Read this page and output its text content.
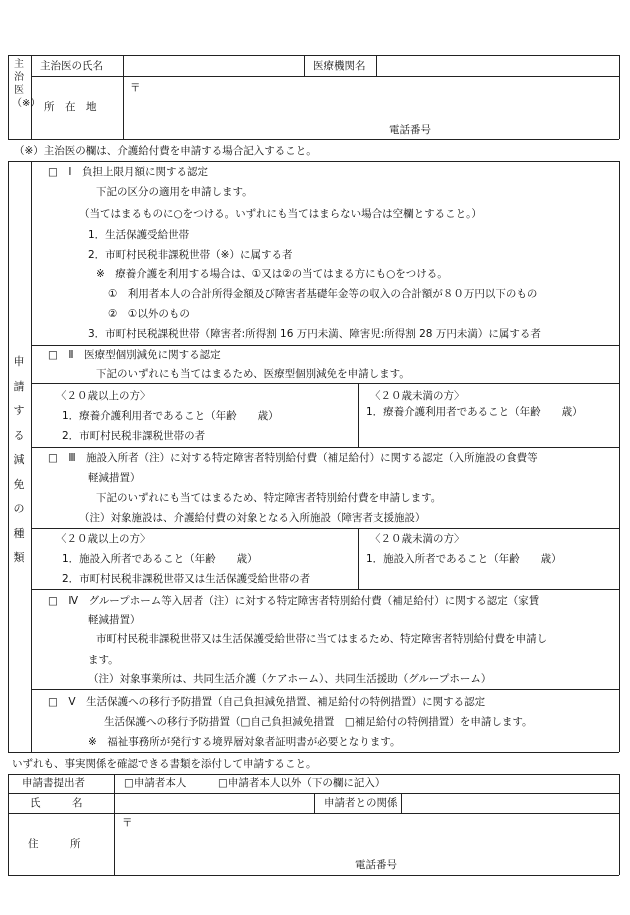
主治医（※）
主治医の氏名	医療機関名
所　在　地
〒
電話番号
（※）主治医の欄は、介護給付費を申請する場合記入すること。
申請する減免の種類
□　Ⅰ　負担上限月額に関する認定
下記の区分の適用を申請します。
（当てはまるものに○をつける。いずれにも当てはまらない場合は空欄とすること。）
1．生活保護受給世帯
2．市町村民税非課税世帯（※）に属する者
※　療養介護を利用する場合は、①又は②の当てはまる方にも○をつける。
①　利用者本人の合計所得金額及び障害者基礎年金等の収入の合計額が８０万円以下のもの
②　①以外のもの
3．市町村民税課税世帯（障害者:所得割 16 万円未満、障害児:所得割 28 万円未満）に属する者
□　Ⅱ　医療型個別減免に関する認定
下記のいずれにも当てはまるため、医療型個別減免を申請します。
〈２０歳以上の方〉
1．療養介護利用者であること（年齢　　歳）
2．市町村民税非課税世帯の者
〈２０歳未満の方〉
1．療養介護利用者であること（年齢　　歳）
□　Ⅲ　施設入所者（注）に対する特定障害者特別給付費（補足給付）に関する認定（入所施設の食費等
軽減措置）
下記のいずれにも当てはまるため、特定障害者特別給付費を申請します。
（注）対象施設は、介護給付費の対象となる入所施設（障害者支援施設）
〈２０歳以上の方〉
1．施設入所者であること（年齢　　歳）
2．市町村民税非課税世帯又は生活保護受給世帯の者
〈２０歳未満の方〉
1．施設入所者であること（年齢　　歳）
□　Ⅳ　グループホーム等入居者（注）に対する特定障害者特別給付費（補足給付）に関する認定（家賃
軽減措置）
市町村民税非課税世帯又は生活保護受給世帯に当てはまるため、特定障害者特別給付費を申請し
ます。
（注）対象事業所は、共同生活介護（ケアホーム）、共同生活援助（グループホーム）
□　Ⅴ　生活保護への移行予防措置（自己負担減免措置、補足給付の特例措置）に関する認定
生活保護への移行予防措置（□自己負担減免措置　□補足給付の特例措置）を申請します。
※　福祉事務所が発行する境界層対象者証明書が必要となります。
いずれも、事実関係を確認できる書類を添付して申請すること。
申請書提出者	□申請者本人	□申請者本人以外（下の欄に記入）
氏　　　名	申請者との関係
住　　　所
〒
電話番号
